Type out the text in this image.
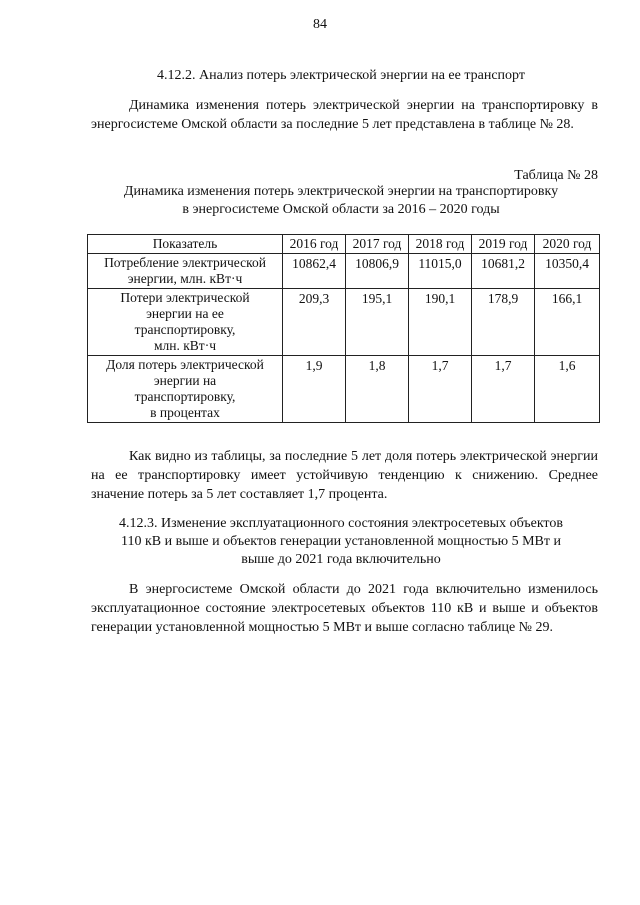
84
4.12.2. Анализ потерь электрической энергии на ее транспорт

Динамика изменения потерь электрической энергии на транспортировку в энергосистеме Омской области за последние 5 лет представлена в таблице № 28.

Таблица № 28
Динамика изменения потерь электрической энергии на транспортировку
в энергосистеме Омской области за 2016 – 2020 годы
Показатель	2016 год	2017 год	2018 год	2019 год	2020 год

Потребление электрической
энергии, млн. кВт·ч	10862,4	10806,9	11015,0	10681,2	10350,4

Потери электрической
энергии на ее
транспортировку,
млн. кВт·ч	209,3	195,1	190,1	178,9	166,1

Доля потерь электрической
энергии на
транспортировку,
в процентах	1,9	1,8	1,7	1,7	1,6

Как видно из таблицы, за последние 5 лет доля потерь электрической энергии на ее транспортировку имеет устойчивую тенденцию к снижению. Среднее значение потерь за 5 лет составляет 1,7 процента.

4.12.3. Изменение эксплуатационного состояния электросетевых объектов
110 кВ и выше и объектов генерации установленной мощностью 5 МВт и
выше до 2021 года включительно

В энергосистеме Омской области до 2021 года включительно изменилось эксплуатационное состояние электросетевых объектов 110 кВ и выше и объектов генерации установленной мощностью 5 МВт и выше согласно таблице № 29.
